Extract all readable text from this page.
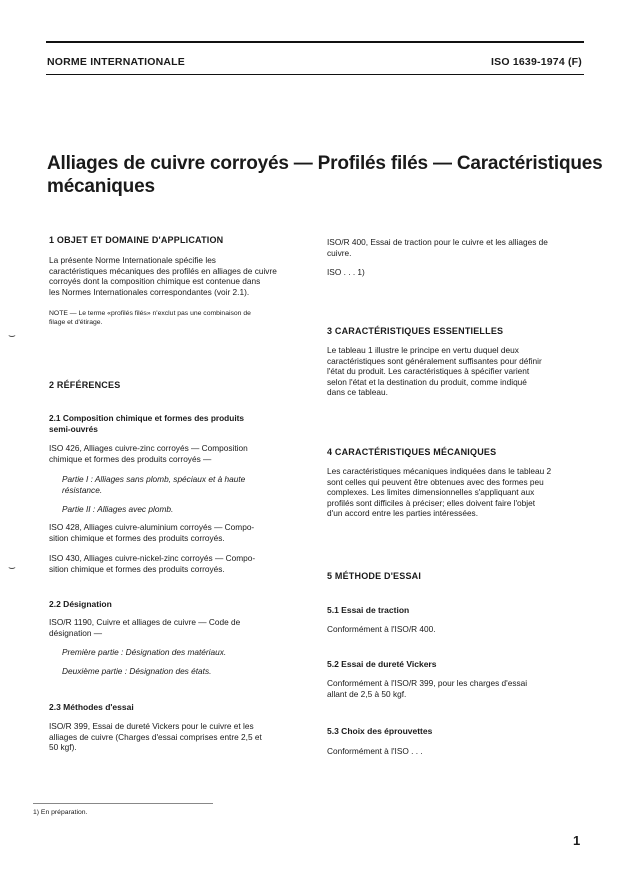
NORME INTERNATIONALE	ISO 1639-1974 (F)
Alliages de cuivre corroyés — Profilés filés — Caractéristiques
mécaniques
⌣
⌣
1 OBJET ET DOMAINE D'APPLICATION
La présente Norme Internationale spécifie les
caractéristiques mécaniques des profilés en alliages de cuivre
corroyés dont la composition chimique est contenue dans
les Normes Internationales correspondantes (voir 2.1).
NOTE — Le terme «profilés filés» n'exclut pas une combinaison de
filage et d'étirage.
2 RÉFÉRENCES
2.1 Composition chimique et formes des produits
semi-ouvrés
ISO 426, Alliages cuivre-zinc corroyés — Composition
chimique et formes des produits corroyés —
Partie I : Alliages sans plomb, spéciaux et à haute
résistance.
Partie II : Alliages avec plomb.
ISO 428, Alliages cuivre-aluminium corroyés — Compo-
sition chimique et formes des produits corroyés.
ISO 430, Alliages cuivre-nickel-zinc corroyés — Compo-
sition chimique et formes des produits corroyés.
2.2 Désignation
ISO/R 1190, Cuivre et alliages de cuivre — Code de
désignation —
Première partie : Désignation des matériaux.
Deuxième partie : Désignation des états.
2.3 Méthodes d'essai
ISO/R 399, Essai de dureté Vickers pour le cuivre et les
alliages de cuivre (Charges d'essai comprises entre 2,5 et
50 kgf).
1) En préparation.
ISO/R 400, Essai de traction pour le cuivre et les alliages de
cuivre.
ISO . . . 1)
3 CARACTÉRISTIQUES ESSENTIELLES
Le tableau 1 illustre le principe en vertu duquel deux
caractéristiques sont généralement suffisantes pour définir
l'état du produit. Les caractéristiques à spécifier varient
selon l'état et la destination du produit, comme indiqué
dans ce tableau.
4 CARACTÉRISTIQUES MÉCANIQUES
Les caractéristiques mécaniques indiquées dans le tableau 2
sont celles qui peuvent être obtenues avec des formes peu
complexes. Les limites dimensionnelles s'appliquant aux
profilés sont difficiles à préciser; elles doivent faire l'objet
d'un accord entre les parties intéressées.
5 MÉTHODE D'ESSAI
5.1 Essai de traction
Conformément à l'ISO/R 400.
5.2 Essai de dureté Vickers
Conformément à l'ISO/R 399, pour les charges d'essai
allant de 2,5 à 50 kgf.
5.3 Choix des éprouvettes
Conformément à l'ISO . . .
1
